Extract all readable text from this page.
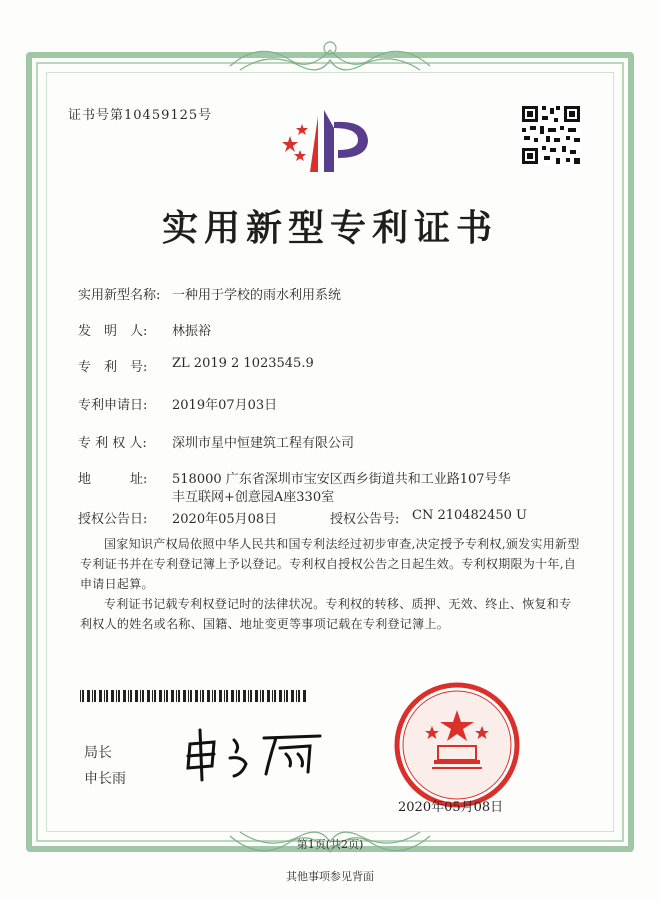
证书号第10459125号
实用新型专利证书
实用新型名称: 一种用于学校的雨水利用系统
发　明　人: 林振裕
专　利　号: ZL 2019 2 1023545.9
专利申请日: 2019年07月03日
专 利 权 人: 深圳市星中恒建筑工程有限公司
地　　　址: 518000 广东省深圳市宝安区西乡街道共和工业路107号华
丰互联网+创意园A座330室
授权公告日: 2020年05月08日	授权公告号: CN 210482450 U
国家知识产权局依照中华人民共和国专利法经过初步审查,决定授予专利权,颁发实用新型专利证书并在专利登记簿上予以登记。专利权自授权公告之日起生效。专利权期限为十年,自申请日起算。
专利证书记载专利权登记时的法律状况。专利权的转移、质押、无效、终止、恢复和专利权人的姓名或名称、国籍、地址变更等事项记载在专利登记簿上。
局长
申长雨
2020年05月08日
第1页(共2页)
其他事项参见背面
